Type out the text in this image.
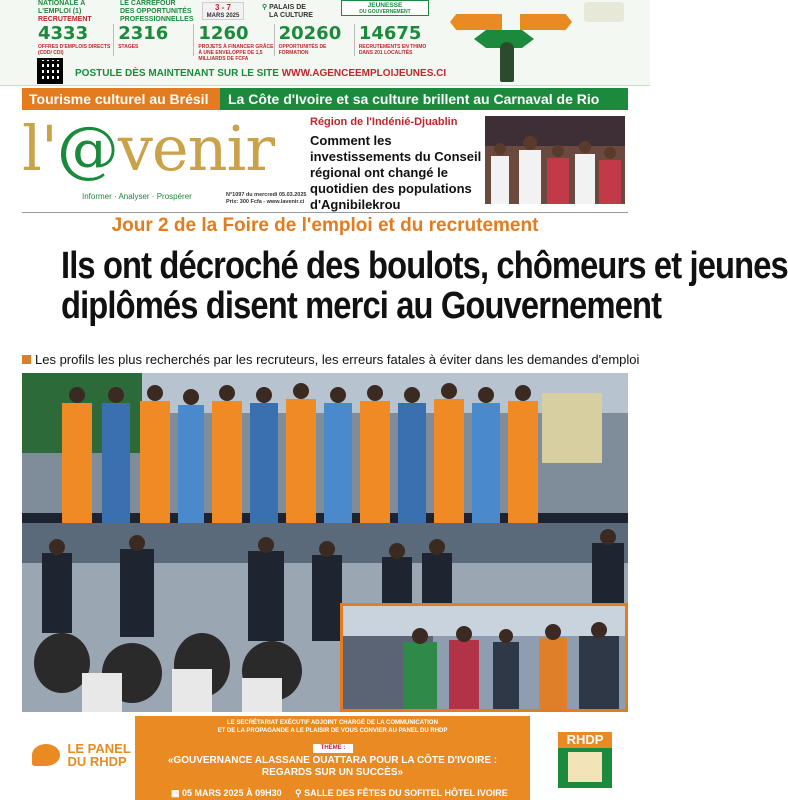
NATIONALE À
L'EMPLOI (1)
RECRUTEMENT
LE CARREFOUR
DES OPPORTUNITÉS
PROFESSIONNELLES
3 - 7
MARS 2025
⚲ PALAIS DE
LA CULTURE
JEUNESSE
DU GOUVERNEMENT
4333
OFFRES D'EMPLOIS DIRECTS (CDD/ CDI)
2316
STAGES
1260
PROJETS À FINANCER GRÂCE À UNE ENVELOPPE DE 1,5 MILLIARDS DE FCFA
20260
OPPORTUNITÉS DE FORMATION
14675
RECRUTEMENTS EN THIMO DANS 201 LOCALITÉS
POSTULE DÈS MAINTENANT SUR LE SITE WWW.AGENCEEMPLOIJEUNES.CI
Tourisme culturel au Brésil	La Côte d'Ivoire et sa culture brillent au Carnaval de Rio
l'@venir
Informer · Analyser · Prospérer	N°1097 du mercredi 05.03.2025
Prix: 300 Fcfa - www.lavenir.ci
Région de l'Indénié-Djuablin
Comment les investissements du Conseil régional ont changé le quotidien des populations d'Agnibilekrou
Jour 2 de la Foire de l'emploi et du recrutement
Ils ont décroché des boulots, chômeurs et jeunes
diplômés disent merci au Gouvernement
Les profils les plus recherchés par les recruteurs, les erreurs fatales à éviter dans les demandes d'emploi
LE PANEL
DU RHDP
LE SECRÉTARIAT EXÉCUTIF ADJOINT CHARGÉ DE LA COMMUNICATION
ET DE LA PROPAGANDE A LE PLAISIR DE VOUS CONVIER AU PANEL DU RHDP
THÈME :
«GOUVERNANCE ALASSANE OUATTARA POUR LA CÔTE D'IVOIRE :
REGARDS SUR UN SUCCÈS»
▦ 05 MARS 2025 À 09H30 ⚲ SALLE DES FÊTES DU SOFITEL HÔTEL IVOIRE
RHDP
